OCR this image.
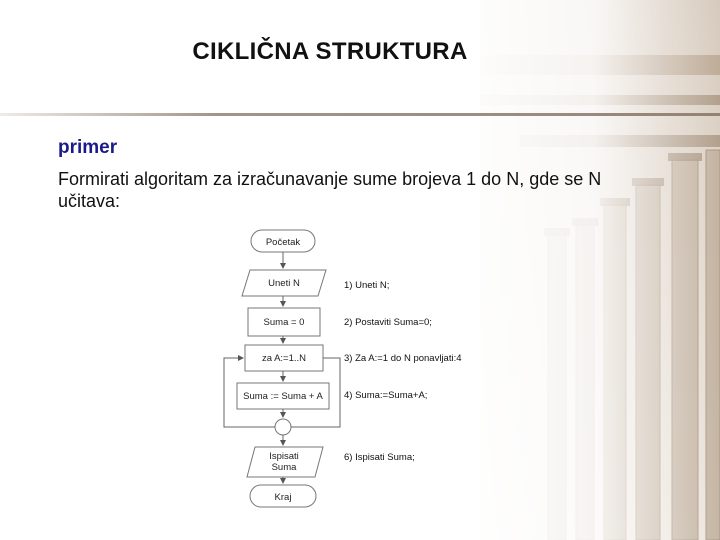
CIKLIČNA STRUKTURA
primer
Formirati algoritam za izračunavanje sume brojeva 1 do N, gde se N učitava:
Početak
Uneti N
Suma = 0
za A:=1..N
Suma := Suma + A
Ispisati
Suma
Kraj
1) Uneti N;
2) Postaviti Suma=0;
3) Za A:=1 do N ponavljati:4
4) Suma:=Suma+A;
6) Ispisati Suma;
